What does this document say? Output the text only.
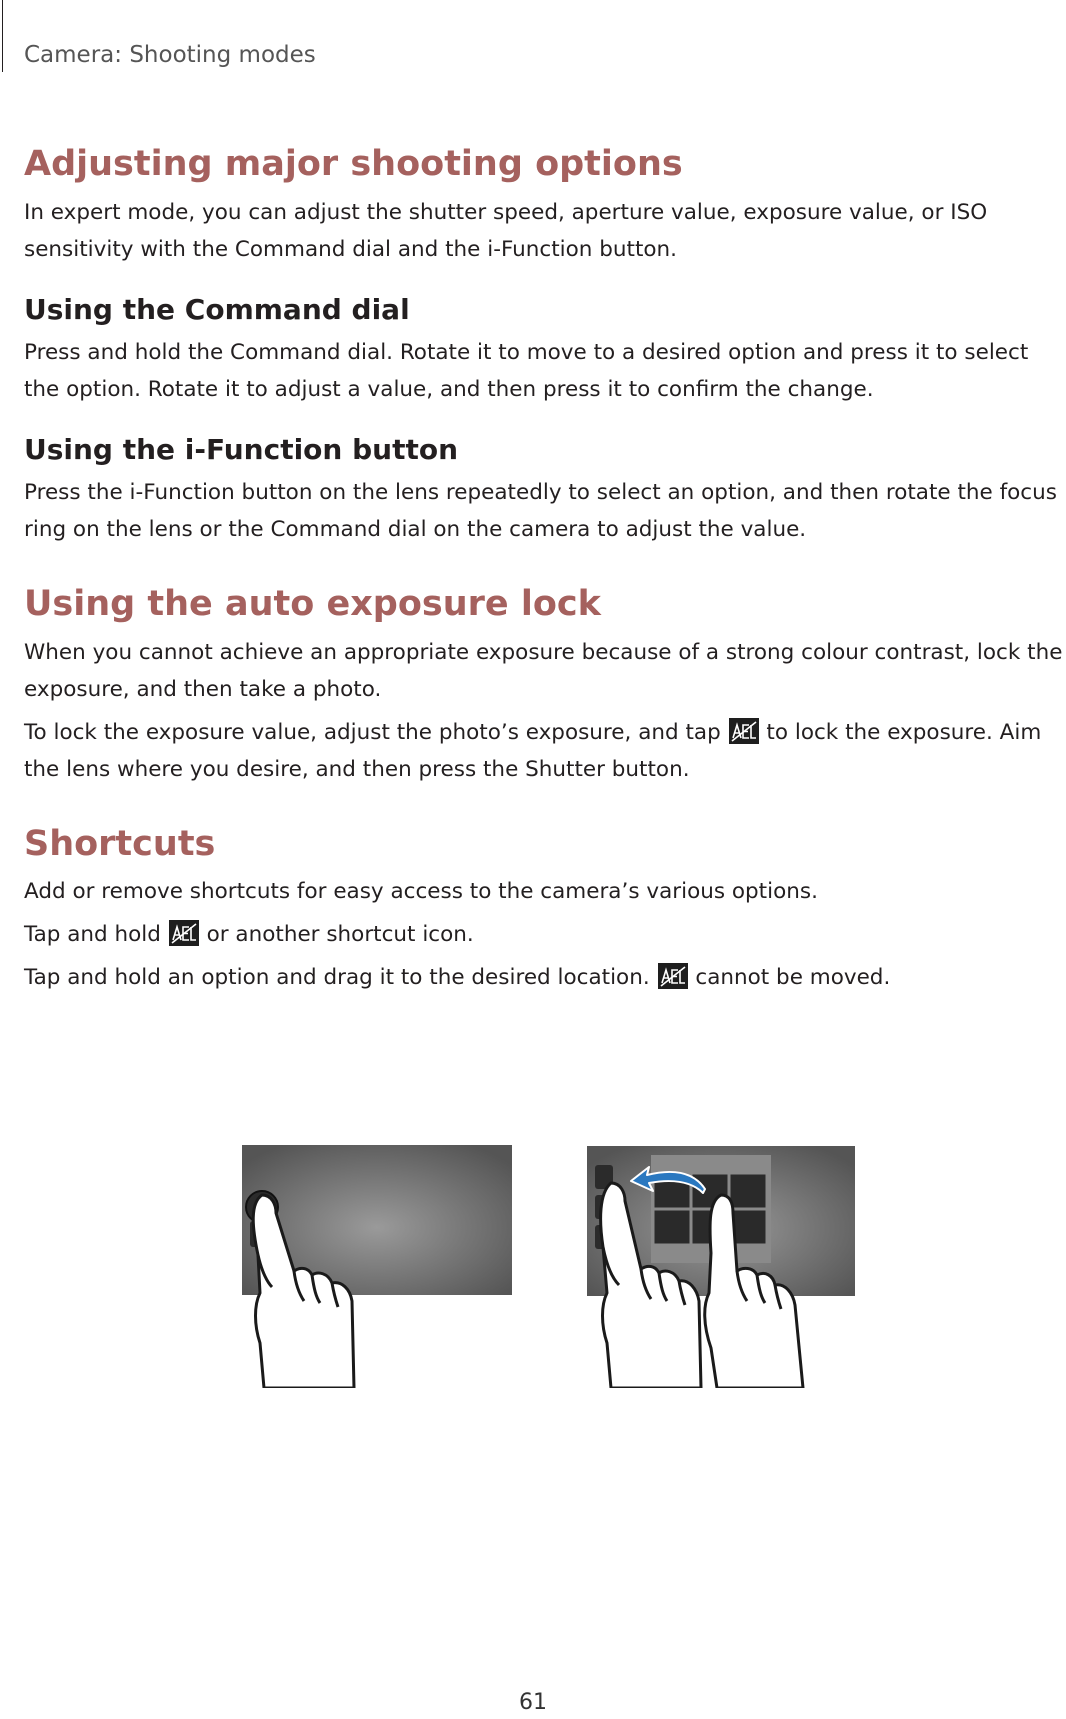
Camera: Shooting modes
Adjusting major shooting options

In expert mode, you can adjust the shutter speed, aperture value, exposure value, or ISO sensitivity with the Command dial and the i-Function button.

Using the Command dial

Press and hold the Command dial. Rotate it to move to a desired option and press it to select the option. Rotate it to adjust a value, and then press it to confirm the change.

Using the i-Function button

Press the i-Function button on the lens repeatedly to select an option, and then rotate the focus ring on the lens or the Command dial on the camera to adjust the value.

Using the auto exposure lock

When you cannot achieve an appropriate exposure because of a strong colour contrast, lock the exposure, and then take a photo.

To lock the exposure value, adjust the photo’s exposure, and tap to lock the exposure. Aim the lens where you desire, and then press the Shutter button.

Shortcuts

Add or remove shortcuts for easy access to the camera’s various options.

Tap and hold or another shortcut icon.

Tap and hold an option and drag it to the desired location. cannot be moved.

61
